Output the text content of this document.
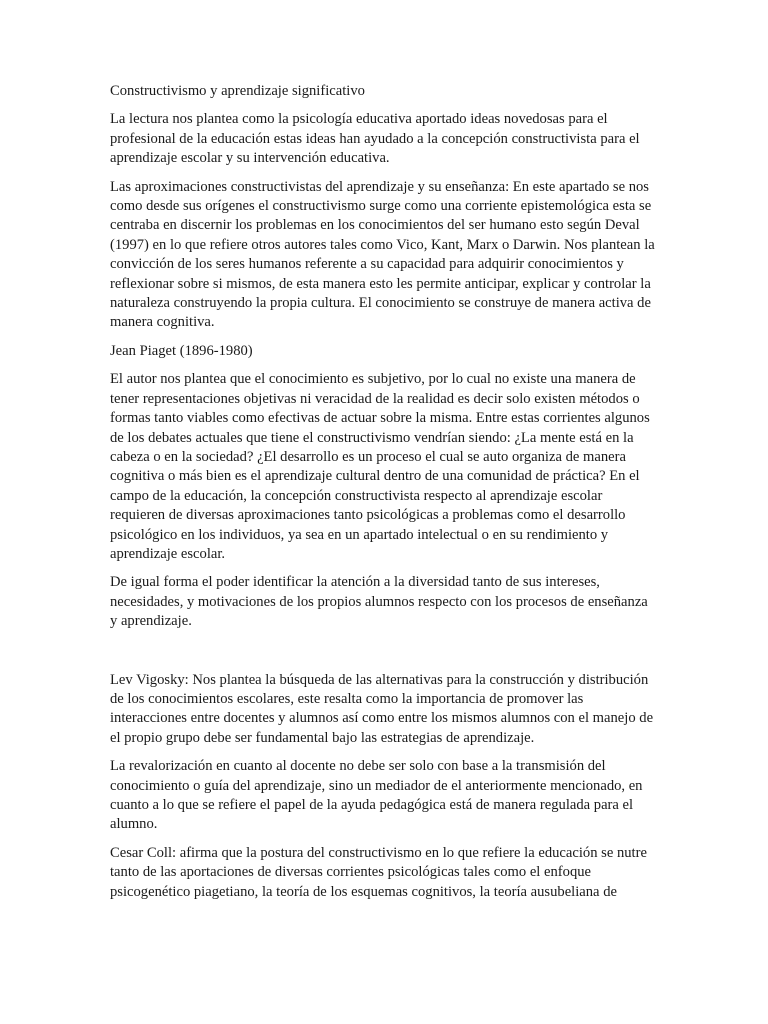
Constructivismo y aprendizaje significativo

La lectura nos plantea como la psicología educativa aportado ideas novedosas para el profesional de la educación estas ideas han ayudado a la concepción constructivista para el aprendizaje escolar y su intervención educativa.

Las aproximaciones constructivistas del aprendizaje y su enseñanza: En este apartado se nos como desde sus orígenes el constructivismo surge como una corriente epistemológica esta se centraba en discernir los problemas en los conocimientos del ser humano esto según Deval (1997) en lo que refiere otros autores tales como Vico, Kant, Marx o Darwin. Nos plantean la convicción de los seres humanos referente a su capacidad para adquirir conocimientos y reflexionar sobre si mismos, de esta manera esto les permite anticipar, explicar y controlar la naturaleza construyendo la propia cultura. El conocimiento se construye de manera activa de manera cognitiva.

Jean Piaget (1896-1980)

El autor nos plantea que el conocimiento es subjetivo, por lo cual no existe una manera de tener representaciones objetivas ni veracidad de la realidad es decir solo existen métodos o formas tanto viables como efectivas de actuar sobre la misma. Entre estas corrientes algunos de los debates actuales que tiene el constructivismo vendrían siendo: ¿La mente está en la cabeza o en la sociedad? ¿El desarrollo es un proceso el cual se auto organiza de manera cognitiva o más bien es el aprendizaje cultural dentro de una comunidad de práctica? En el campo de la educación, la concepción constructivista respecto al aprendizaje escolar requieren de diversas aproximaciones tanto psicológicas a problemas como el desarrollo psicológico en los individuos, ya sea en un apartado intelectual o en su rendimiento y aprendizaje escolar.

De igual forma el poder identificar la atención a la diversidad tanto de sus intereses, necesidades, y motivaciones de los propios alumnos respecto con los procesos de enseñanza y aprendizaje.

Lev Vigosky: Nos plantea la búsqueda de las alternativas para la construcción y distribución de los conocimientos escolares, este resalta como la importancia de promover las interacciones entre docentes y alumnos así como entre los mismos alumnos con el manejo de el propio grupo debe ser fundamental bajo las estrategias de aprendizaje.

La revalorización en cuanto al docente no debe ser solo con base a la transmisión del conocimiento o guía del aprendizaje, sino un mediador de el anteriormente mencionado, en cuanto a lo que se refiere el papel de la ayuda pedagógica está de manera regulada para el alumno.

Cesar Coll: afirma que la postura del constructivismo en lo que refiere la educación se nutre tanto de las aportaciones de diversas corrientes psicológicas tales como el enfoque psicogenético piagetiano, la teoría de los esquemas cognitivos, la teoría ausubeliana de
